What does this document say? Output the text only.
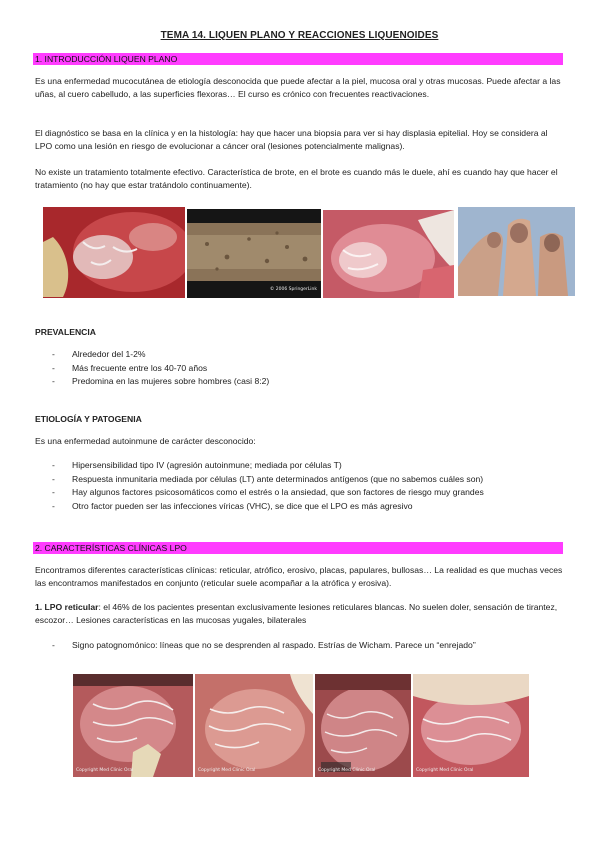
TEMA 14. LIQUEN PLANO Y REACCIONES LIQUENOIDES
1. INTRODUCCIÓN LIQUEN PLANO

Es una enfermedad mucocutánea de etiología desconocida que puede afectar a la piel, mucosa oral y otras mucosas. Puede afectar a las uñas, al cuero cabelludo, a las superficies flexoras… El curso es crónico con frecuentes reactivaciones.

El diagnóstico se basa en la clínica y en la histología: hay que hacer una biopsia para ver si hay displasia epitelial. Hoy se considera al LPO como una lesión en riesgo de evolucionar a cáncer oral (lesiones potencialmente malignas).

No existe un tratamiento totalmente efectivo. Característica de brote, en el brote es cuando más le duele, ahí es cuando hay que hacer el tratamiento (no hay que estar tratándolo continuamente).

© 2006 SpringerLink
PREVALENCIA
- Alrededor del 1-2%
- Más frecuente entre los 40-70 años
- Predomina en las mujeres sobre hombres (casi 8:2)
ETIOLOGÍA Y PATOGENIA

Es una enfermedad autoinmune de carácter desconocido:

- Hipersensibilidad tipo IV (agresión autoinmune; mediada por células T)
- Respuesta inmunitaria mediada por células (LT) ante determinados antígenos (que no sabemos cuáles son)
- Hay algunos factores psicosomáticos como el estrés o la ansiedad, que son factores de riesgo muy grandes
- Otro factor pueden ser las infecciones víricas (VHC), se dice que el LPO es más agresivo
2. CARACTERÍSTICAS CLÍNICAS LPO

Encontramos diferentes características clínicas: reticular, atrófico, erosivo, placas, papulares, bullosas… La realidad es que muchas veces las encontramos manifestados en conjunto (reticular suele acompañar a la atrófica y erosiva).

1. LPO reticular: el 46% de los pacientes presentan exclusivamente lesiones reticulares blancas. No suelen doler, sensación de tirantez, escozor… Lesiones características en las mucosas yugales, bilaterales

- Signo patognomónico: líneas que no se desprenden al raspado. Estrías de Wicham. Parece un “enrejado”
Copyright Med Clinic Oral	Copyright Med Clinic Oral	Copyright Med Clinic Oral	Copyright Med Clinic Oral
